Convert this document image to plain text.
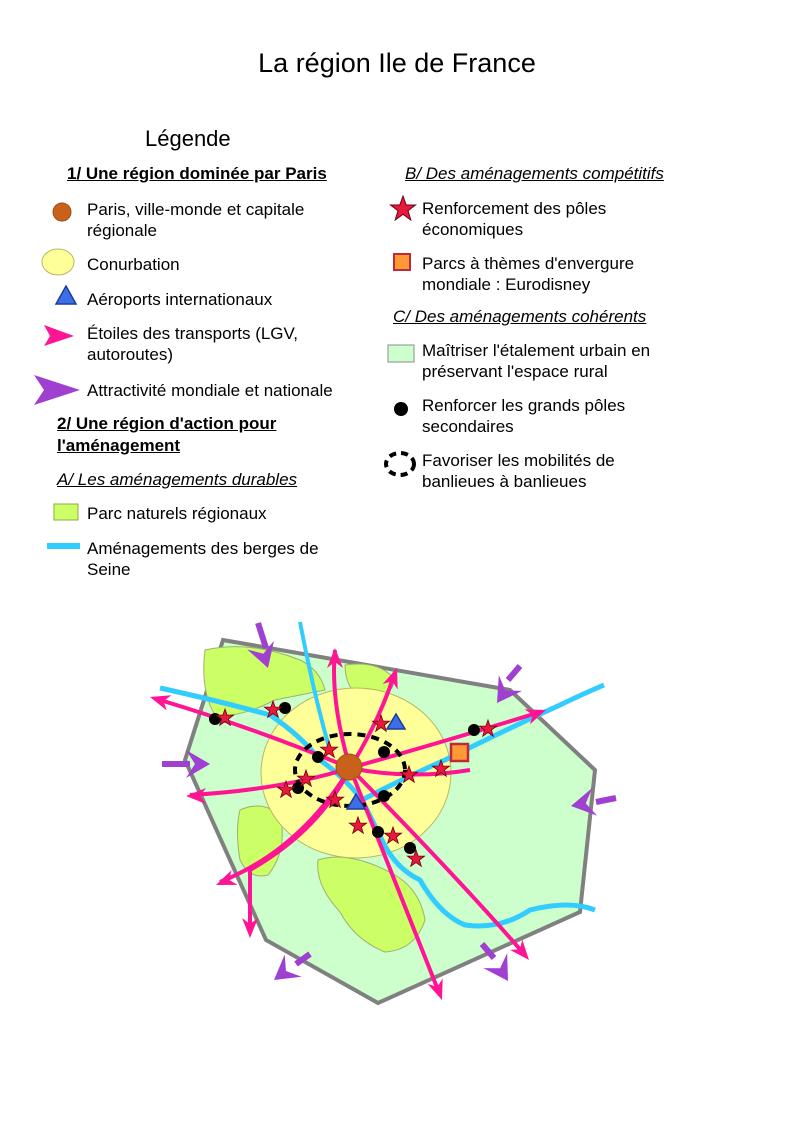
La région Ile de France
Légende
1/ Une région dominée par Paris
Paris, ville-monde et capitale
régionale
Conurbation
Aéroports internationaux
Étoiles des transports (LGV,
autoroutes)
Attractivité mondiale et nationale
2/ Une région d'action pour
l'aménagement
A/ Les aménagements durables
Parc naturels régionaux
Aménagements des berges de
Seine
B/ Des aménagements compétitifs
Renforcement des pôles
économiques
Parcs à thèmes d'envergure
mondiale : Eurodisney
C/ Des aménagements cohérents
Maîtriser l'étalement urbain en
préservant l'espace rural
Renforcer les grands pôles
secondaires
Favoriser les mobilités de
banlieues à banlieues
